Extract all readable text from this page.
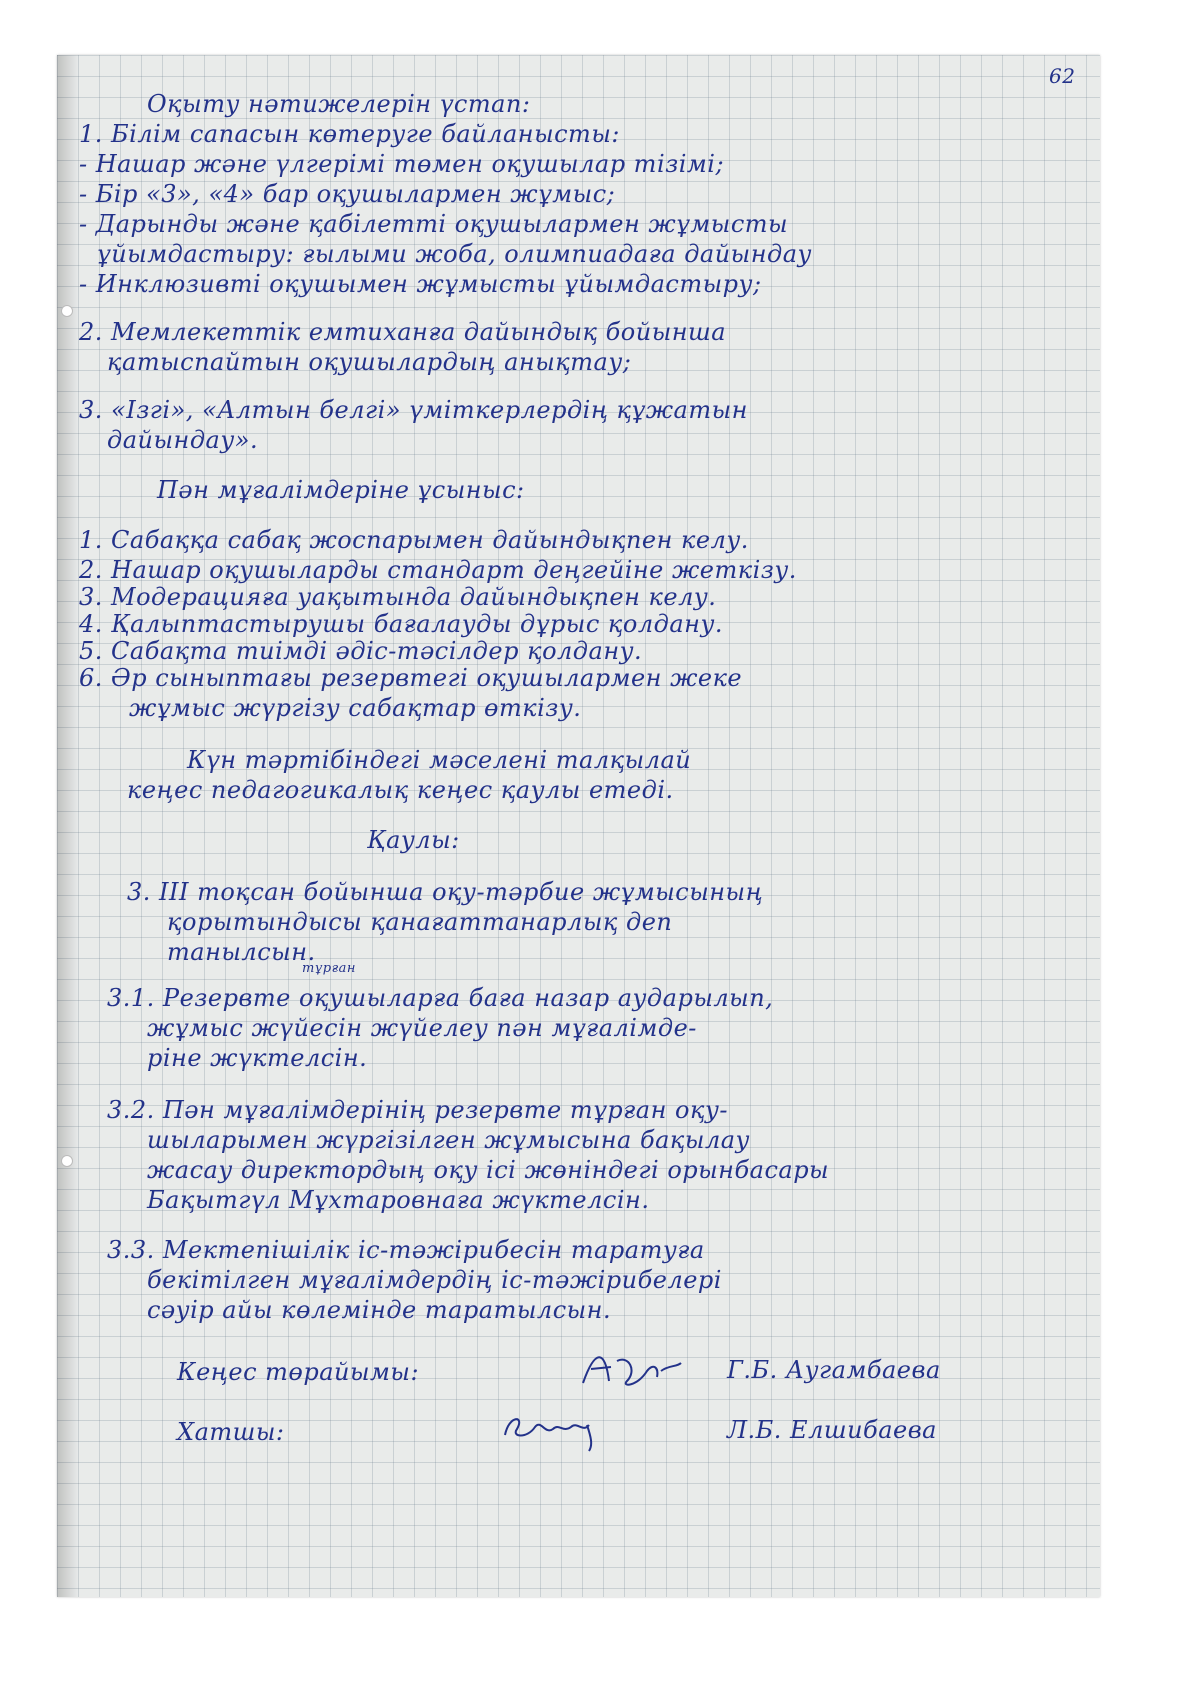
62
Оқыту нәтижелерін үстап:
1. Білім сапасын көтеруге байланысты:
- Нашар және үлгерімі төмен оқушылар тізімі;
- Бір «3», «4» бар оқушылармен жұмыс;
- Дарынды және қабілетті оқушылармен жұмысты
ұйымдастыру: ғылыми жоба, олимпиадаға дайындау
- Инклюзивті оқушымен жұмысты ұйымдастыру;
2. Мемлекеттік емтиханға дайындық бойынша
қатыспайтын оқушылардың анықтау;
3. «Ізгі», «Алтын белгі» үміткерлердің құжатын
дайындау».
Пән мұғалімдеріне ұсыныс:
1. Сабаққа сабақ жоспарымен дайындықпен келу.
2. Нашар оқушыларды стандарт деңгейіне жеткізу.
3. Модерацияға уақытында дайындықпен келу.
4. Қалыптастырушы бағалауды дұрыс қолдану.
5. Сабақта тиімді әдіс-тәсілдер қолдану.
6. Әр сыныптағы резервтегі оқушылармен жеке
жұмыс жүргізу сабақтар өткізу.
Күн тәртібіндегі мәселені талқылай
кеңес педагогикалық кеңес қаулы етеді.
Қаулы:
3. ІІІ тоқсан бойынша оқу-тәрбие жұмысының
қорытындысы қанағаттанарлық деп
танылсын.
тұрған
3.1. Резервте оқушыларға баға назар аударылып,
жұмыс жүйесін жүйелеу пән мұғалімде-
ріне жүктелсін.
3.2. Пән мұғалімдерінің резервте тұрған оқу-
шыларымен жүргізілген жұмысына бақылау
жасау директордың оқу ісі жөніндегі орынбасары
Бақытгүл Мұхтаровнаға жүктелсін.
3.3. Мектепішілік іс-тәжірибесін таратуға
бекітілген мұғалімдердің іс-тәжірибелері
сәуір айы көлемінде таратылсын.
Кеңес төрайымы:	Г.Б. Аугамбаева
Хатшы:	Л.Б. Елшибаева
